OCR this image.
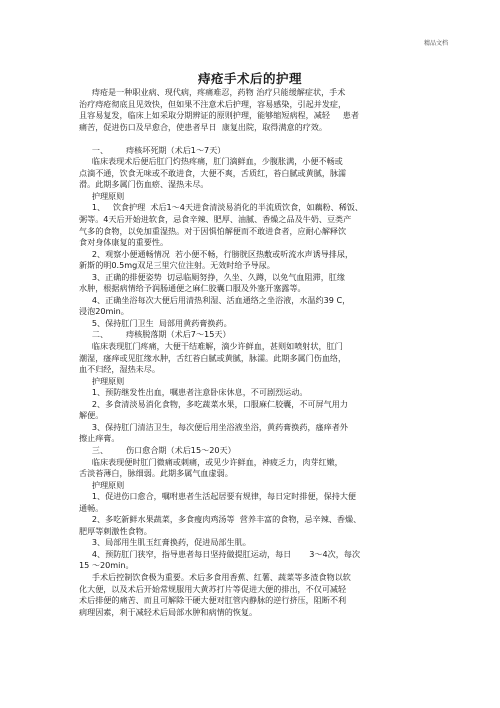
精品文档
痔疮手术后的护理
痔疮是一种职业病、现代病，疼痛难忍，药物 治疗只能缓解症状，手术
治疗痔疮彻底且见效快，但如果不注意术后护理，容易感染，引起并发症，
且容易复发，临床上如采取分期辨证的原则护理，能够缩短病程，减轻     患者
痛苦，促进伤口及早愈合，使患者早日  康复出院，取得满意的疗效。
一、       痔核坏死期（术后1～7天）
临床表现术后便后肛门灼热疼痛，肛门滴鲜血，少腹胀满，小便不畅或
点滴不通，饮食无味或不敢进食，大便不爽，舌质红，苔白腻或黄腻，脉濡
滑。此期多属门伤血瘀、湿热未尽。
护理原则
1、   饮食护理  术后1～4天进食清淡易消化的半流质饮食，如藕粉、稀饭、
粥等。4天后开始进软食，忌食辛辣、肥厚、油腻、香燥之品及牛奶、豆类产
气多的食物，以免加重湿热。对于因惧怕解便而不敢进食者，应耐心解释饮
食对身体康复的重要性。
2、观察小便通畅情况  若小便不畅，行膀胱区热敷或听流水声诱导排尿，
新斯的明0.5mg双足三里穴位注射。无效时给予导尿。
3、正确的排便姿势  切忌临厕努挣，久坐、久蹲，以免气血阻滞，肛缘
水肿，根据病情给予润肠通便之麻仁胶囊口服及外塞开塞露等。
4、正确坐浴每次大便后用清热利湿、活血通络之坐浴液，水温约39 C，
浸泡20min。
5、保持肛门卫生  局部用黄药膏换药。
二、       痔核脱落期（术后7～15天）
临床表现肛门疼痛，大便干结难解，滴少许鲜血，甚则如喷射状，肛门
潮湿，瘙痒或见肛缘水肿，舌红苔白腻或黄腻，脉濡。此期多属门伤血络，
血不归经，湿热未尽。
护理原则
1、预防继发性出血，嘱患者注意卧床休息，不可剧烈运动。
2、多食清淡易消化食物，多吃蔬菜水果，口服麻仁胶囊，不可屏气用力
解便。
3、保持肛门清洁卫生，每次便后用坐浴液坐浴，黄药膏换药，瘙痒者外
擦止痒膏。
三、       伤口愈合期（术后15～20天）
临床表现便时肛门微痛或刺痛，或见少许鲜血，神疲乏力，肉芽红嫩，
舌淡苔薄白，脉细弱。此期多属气血虚弱。
护理原则
1、促进伤口愈合，嘱咐患者生活起居要有规律，每日定时排便，保持大便
通畅。
2、多吃新鲜水果蔬菜，多食瘦肉鸡汤等  营养丰富的食物，忌辛辣、香燥、
肥厚等刺激性食物。
3、局部用生肌玉红膏换药，促进局部生肌。
4、预防肛门狭窄，指导患者每日坚持做提肛运动，每日       3～4次，每次
15 ～20min。
手术后控制饮食极为重要。术后多食用香蕉、红薯、蔬菜等多渣食物以软
化大便，以及术后开始常规服用大黄苏打片等促进大便的排出，不仅可减轻
术后排便的痛苦、而且可解除干硬大便对肛管内静脉的逆行挤压，阻断不利
病理因素，利于减轻术后局部水肿和病情的恢复。
